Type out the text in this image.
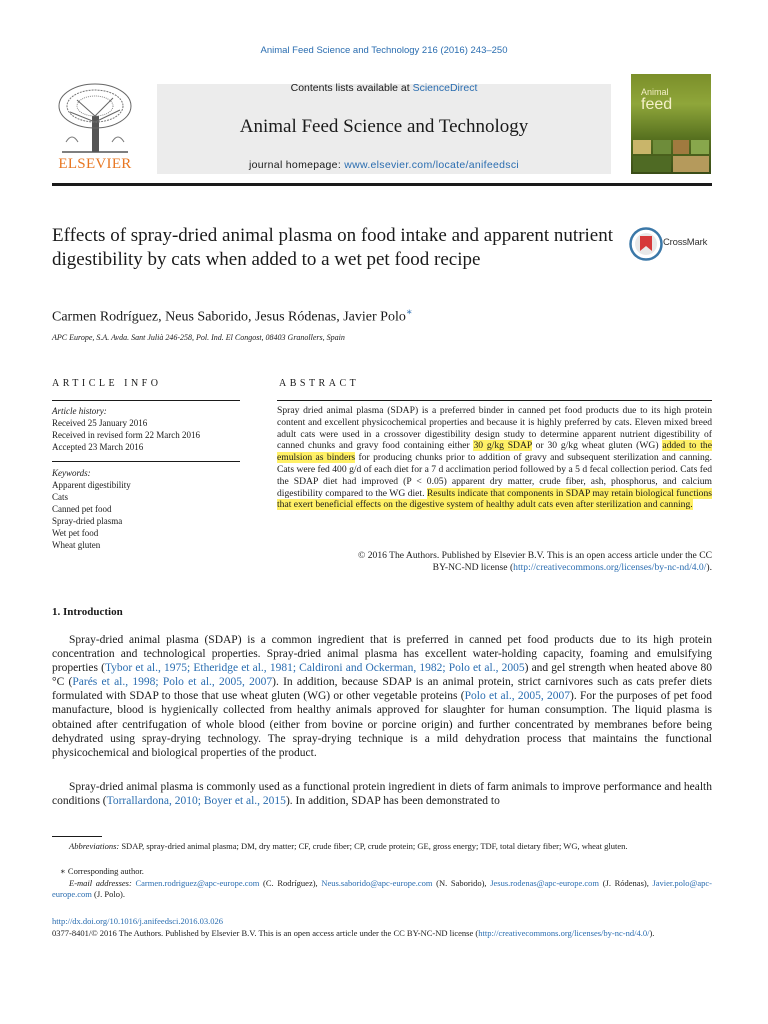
Animal Feed Science and Technology 216 (2016) 243–250
Contents lists available at ScienceDirect
Animal Feed Science and Technology
journal homepage: www.elsevier.com/locate/anifeedsci
ELSEVIER
Animal
feed
Effects of spray-dried animal plasma on food intake and apparent nutrient digestibility by cats when added to a wet pet food recipe
CrossMark
Carmen Rodríguez, Neus Saborido, Jesus Ródenas, Javier Polo∗
APC Europe, S.A. Avda. Sant Julià 246-258, Pol. Ind. El Congost, 08403 Granollers, Spain
ARTICLE INFO	ABSTRACT
Article history:
Received 25 January 2016
Received in revised form 22 March 2016
Accepted 23 March 2016
Keywords:
Apparent digestibility
Cats
Canned pet food
Spray-dried plasma
Wet pet food
Wheat gluten
Spray dried animal plasma (SDAP) is a preferred binder in canned pet food products due to its high protein content and excellent physicochemical properties and because it is highly preferred by cats. Eleven mixed breed adult cats were used in a crossover digestibility design study to determine apparent nutrient digestibility of canned chunks and gravy food containing either 30 g/kg SDAP or 30 g/kg wheat gluten (WG) added to the emulsion as binders for producing chunks prior to addition of gravy and subsequent sterilization and canning. Cats were fed 400 g/d of each diet for a 7 d acclimation period followed by a 5 d fecal collection period. Cats fed the SDAP diet had improved (P < 0.05) apparent dry matter, crude fiber, ash, phosphorus, and calcium digestibility compared to the WG diet. Results indicate that components in SDAP may retain biological functions that exert beneficial effects on the digestive system of healthy adult cats even after sterilization and canning.
© 2016 The Authors. Published by Elsevier B.V. This is an open access article under the CC
BY-NC-ND license (http://creativecommons.org/licenses/by-nc-nd/4.0/).
1. Introduction
Spray-dried animal plasma (SDAP) is a common ingredient that is preferred in canned pet food products due to its high protein concentration and technological properties. Spray-dried animal plasma has excellent water-holding capacity, foaming and emulsifying properties (Tybor et al., 1975; Etheridge et al., 1981; Caldironi and Ockerman, 1982; Polo et al., 2005) and gel strength when heated above 80 °C (Parés et al., 1998; Polo et al., 2005, 2007). In addition, because SDAP is an animal protein, strict carnivores such as cats prefer diets formulated with SDAP to those that use wheat gluten (WG) or other vegetable proteins (Polo et al., 2005, 2007). For the purposes of pet food manufacture, blood is hygienically collected from healthy animals approved for slaughter for human consumption. The liquid plasma is obtained after centrifugation of whole blood (either from bovine or porcine origin) and further concentrated by membranes before being dehydrated using spray-drying technology. The spray-drying technique is a mild dehydration process that maintains the functional physicochemical and biological properties of the product.
Spray-dried animal plasma is commonly used as a functional protein ingredient in diets of farm animals to improve performance and health conditions (Torrallardona, 2010; Boyer et al., 2015). In addition, SDAP has been demonstrated to
Abbreviations: SDAP, spray-dried animal plasma; DM, dry matter; CF, crude fiber; CP, crude protein; GE, gross energy; TDF, total dietary fiber; WG, wheat gluten.
∗ Corresponding author.
E-mail addresses: Carmen.rodriguez@apc-europe.com (C. Rodríguez), Neus.saborido@apc-europe.com (N. Saborido), Jesus.rodenas@apc-europe.com (J. Ródenas), Javier.polo@apc-europe.com (J. Polo).
http://dx.doi.org/10.1016/j.anifeedsci.2016.03.026
0377-8401/© 2016 The Authors. Published by Elsevier B.V. This is an open access article under the CC BY-NC-ND license (http://creativecommons.org/licenses/by-nc-nd/4.0/).
